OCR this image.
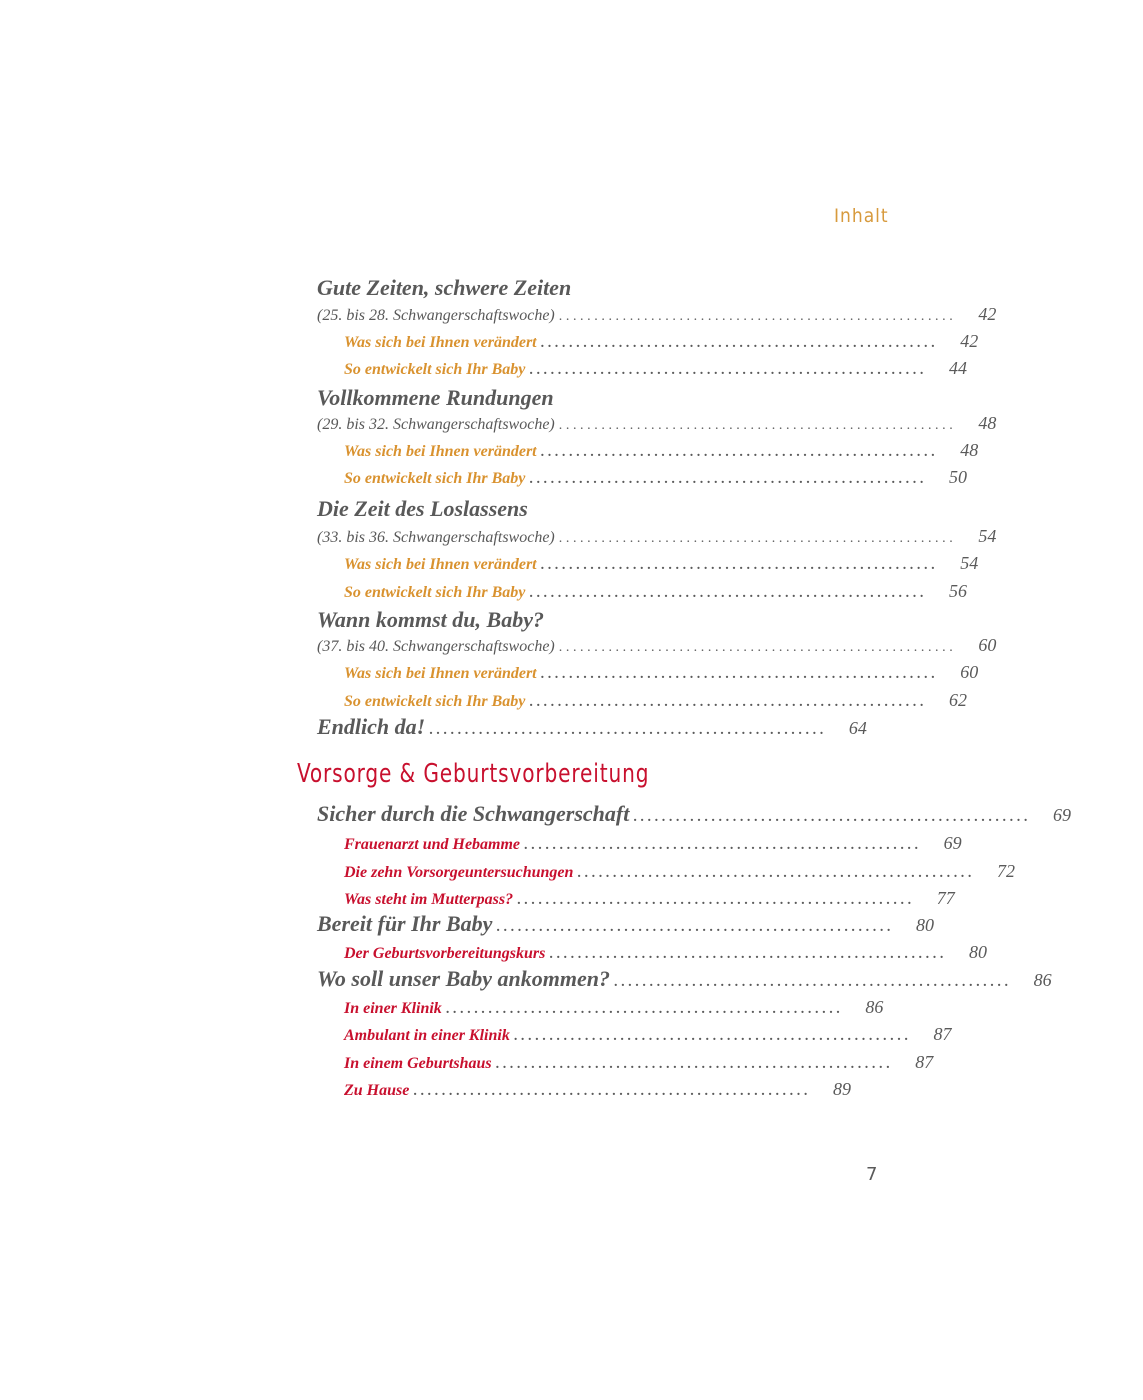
Inhalt
Gute Zeiten, schwere Zeiten
(25. bis 28. Schwangerschaftswoche) ........................................................	42
Was sich bei Ihnen verändert ........................................................	42
So entwickelt sich Ihr Baby ........................................................	44
Vollkommene Rundungen
(29. bis 32. Schwangerschaftswoche) ........................................................	48
Was sich bei Ihnen verändert ........................................................	48
So entwickelt sich Ihr Baby ........................................................	50
Die Zeit des Loslassens
(33. bis 36. Schwangerschaftswoche) ........................................................	54
Was sich bei Ihnen verändert ........................................................	54
So entwickelt sich Ihr Baby ........................................................	56
Wann kommst du, Baby?
(37. bis 40. Schwangerschaftswoche) ........................................................	60
Was sich bei Ihnen verändert ........................................................	60
So entwickelt sich Ihr Baby ........................................................	62
Endlich da! ........................................................	64
Vorsorge & Geburtsvorbereitung
Sicher durch die Schwangerschaft ........................................................	69
Frauenarzt und Hebamme ........................................................	69
Die zehn Vorsorgeuntersuchungen ........................................................	72
Was steht im Mutterpass? ........................................................	77
Bereit für Ihr Baby ........................................................	80
Der Geburtsvorbereitungskurs ........................................................	80
Wo soll unser Baby ankommen? ........................................................	86
In einer Klinik ........................................................	86
Ambulant in einer Klinik ........................................................	87
In einem Geburtshaus ........................................................	87
Zu Hause ........................................................	89
7
